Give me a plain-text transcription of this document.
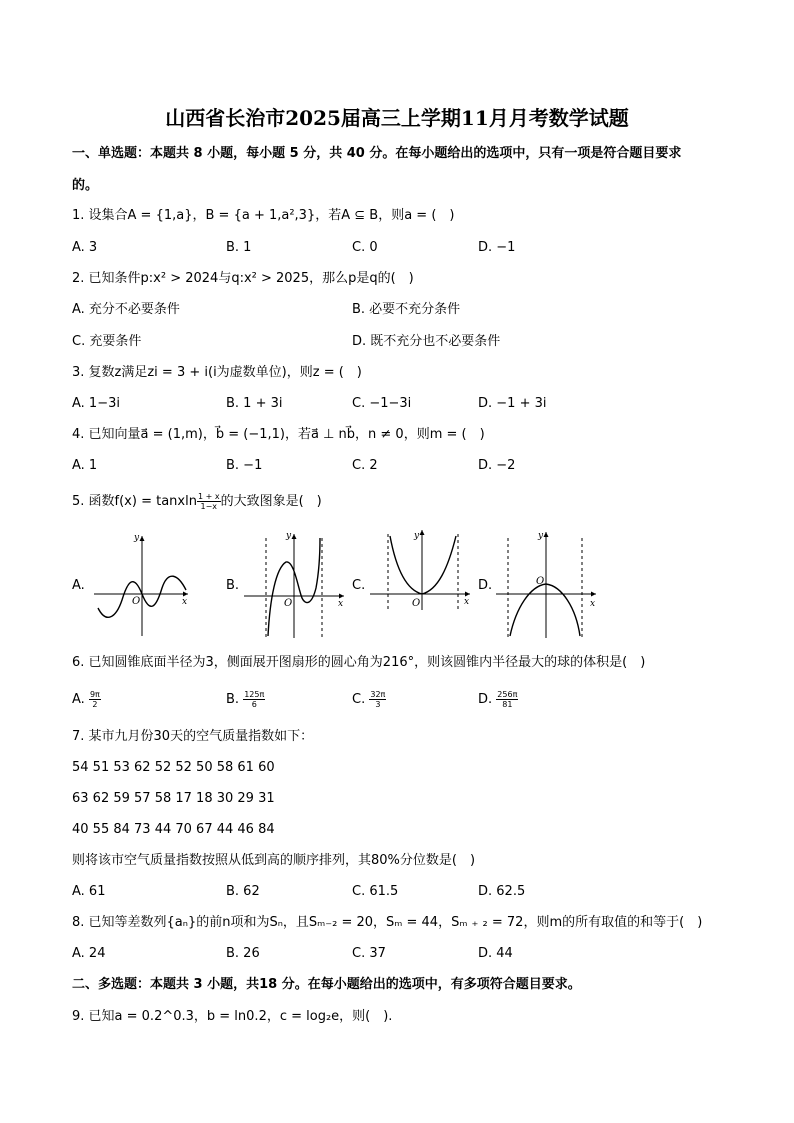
山西省长治市2025届高三上学期11月月考数学试题
一、单选题：本题共 8 小题，每小题 5 分，共 40 分。在每小题给出的选项中，只有一项是符合题目要求
的。
1. 设集合A = {1,a}，B = {a + 1,a²,3}，若A ⊆ B，则a = (　)
A. 3	B. 1	C. 0	D. −1
2. 已知条件p:x² > 2024与q:x² > 2025，那么p是q的(　)
A. 充分不必要条件	B. 必要不充分条件
C. 充要条件	D. 既不充分也不必要条件
3. 复数z满足zi = 3 + i(i为虚数单位)，则z = (　)
A. 1−3i	B. 1 + 3i	C. −1−3i	D. −1 + 3i
4. 已知向量a⃗ = (1,m)，b⃗ = (−1,1)，若a⃗ ⊥ nb⃗，n ≠ 0，则m = (　)
A. 1	B. −1	C. 2	D. −2
5. 函数f(x) = tanxln $\frac{1 + x}{1-x}$ 的大致图象是(　)
A.	B.	C.	D.
y
x
O
y
x
O
y
x
O
y
x
O
6. 已知圆锥底面半径为3，侧面展开图扇形的圆心角为216°，则该圆锥内半径最大的球的体积是(　)
A. $\frac{9\pi}{2}$	B. $\frac{125\pi}{6}$	C. $\frac{32\pi}{3}$	D. $\frac{256\pi}{81}$
7. 某市九月份30天的空气质量指数如下：
54 51 53 62 52 52 50 58 61 60
63 62 59 57 58 17 18 30 29 31
40 55 84 73 44 70 67 44 46 84
则将该市空气质量指数按照从低到高的顺序排列，其80%分位数是(　)
A. 61	B. 62	C. 61.5	D. 62.5
8. 已知等差数列{aₙ}的前n项和为Sₙ，且Sₘ₋₂ = 20，Sₘ = 44，Sₘ ₊ ₂ = 72，则m的所有取值的和等于(　)
A. 24	B. 26	C. 37	D. 44
二、多选题：本题共 3 小题，共18 分。在每小题给出的选项中，有多项符合题目要求。
9. 已知a = 0.2^0.3，b = ln0.2，c = log₂e，则(　).
